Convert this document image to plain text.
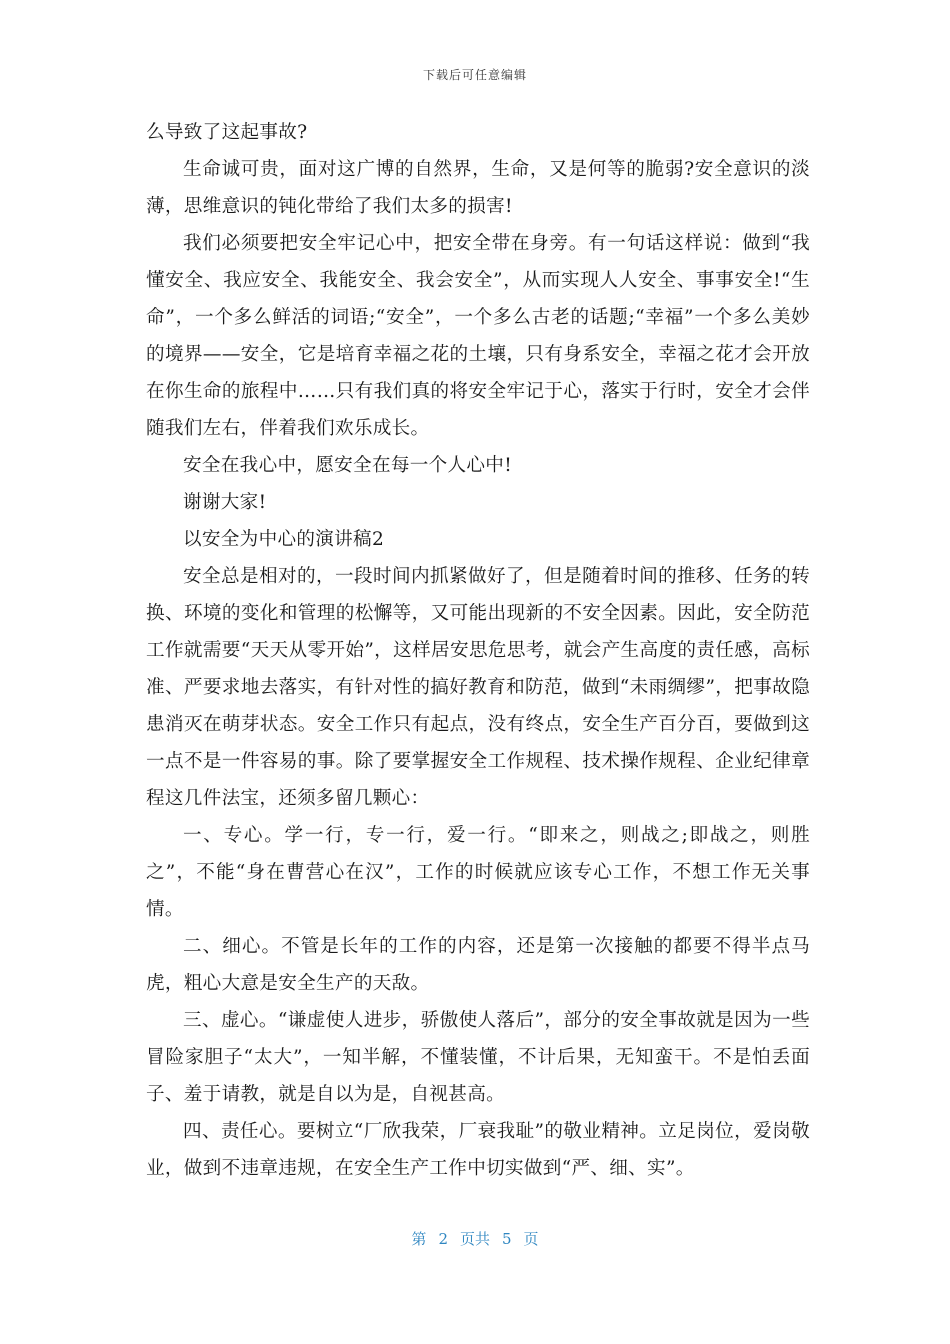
下载后可任意编辑

么导致了这起事故?

生命诚可贵，面对这广博的自然界，生命，又是何等的脆弱?安全意识的淡薄，思维意识的钝化带给了我们太多的损害!

我们必须要把安全牢记心中，把安全带在身旁。有一句话这样说：做到“我懂安全、我应安全、我能安全、我会安全”，从而实现人人安全、事事安全!“生命”，一个多么鲜活的词语;“安全”，一个多么古老的话题;“幸福”一个多么美妙的境界——安全，它是培育幸福之花的土壤，只有身系安全，幸福之花才会开放在你生命的旅程中……只有我们真的将安全牢记于心，落实于行时，安全才会伴随我们左右，伴着我们欢乐成长。

安全在我心中，愿安全在每一个人心中!

谢谢大家!

以安全为中心的演讲稿2

安全总是相对的，一段时间内抓紧做好了，但是随着时间的推移、任务的转换、环境的变化和管理的松懈等，又可能出现新的不安全因素。因此，安全防范工作就需要“天天从零开始”，这样居安思危思考，就会产生高度的责任感，高标准、严要求地去落实，有针对性的搞好教育和防范，做到“未雨绸缪”，把事故隐患消灭在萌芽状态。安全工作只有起点，没有终点，安全生产百分百，要做到这一点不是一件容易的事。除了要掌握安全工作规程、技术操作规程、企业纪律章程这几件法宝，还须多留几颗心：

一、专心。学一行，专一行，爱一行。“即来之，则战之;即战之，则胜之”，不能“身在曹营心在汉”，工作的时候就应该专心工作，不想工作无关事情。

二、细心。不管是长年的工作的内容，还是第一次接触的都要不得半点马虎，粗心大意是安全生产的天敌。

三、虚心。“谦虚使人进步，骄傲使人落后”，部分的安全事故就是因为一些冒险家胆子“太大”，一知半解，不懂装懂，不计后果，无知蛮干。不是怕丢面子、羞于请教，就是自以为是，自视甚高。

四、责任心。要树立“厂欣我荣，厂衰我耻”的敬业精神。立足岗位，爱岗敬业，做到不违章违规，在安全生产工作中切实做到“严、细、实”。

第 2 页共 5 页
